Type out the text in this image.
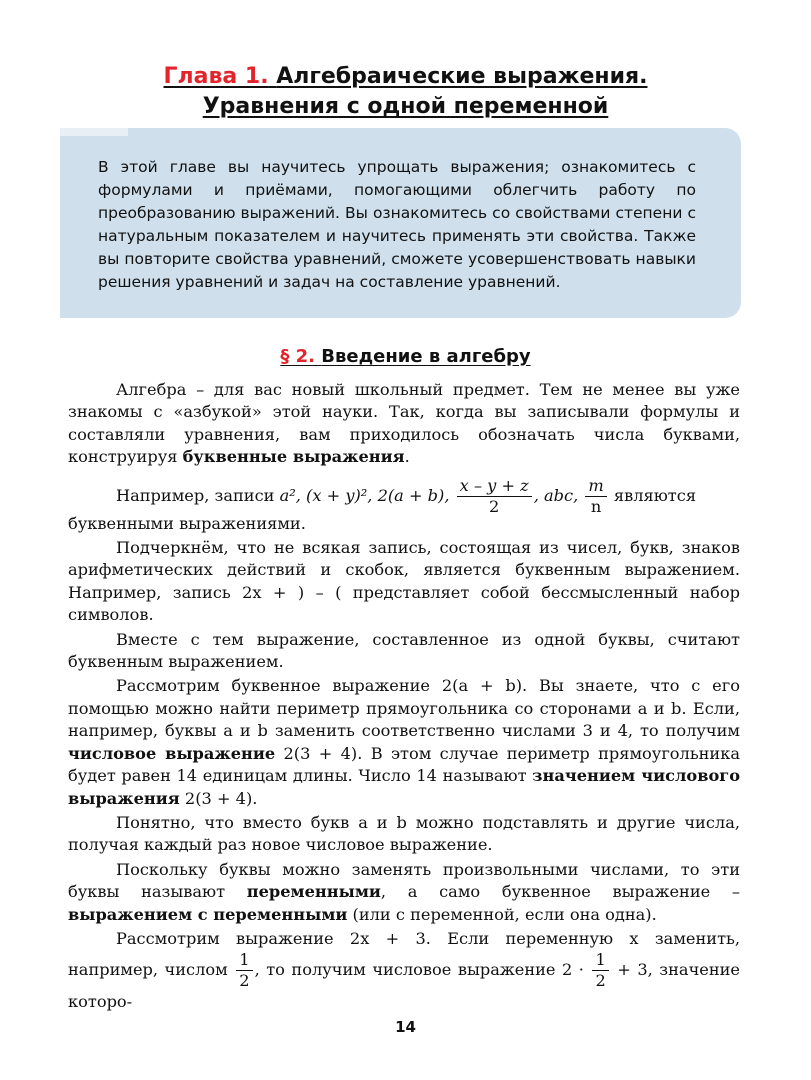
Глава 1. Алгебраические выражения.
Уравнения с одной переменной
В этой главе вы научитесь упрощать выражения; ознакомитесь с формулами и приёмами, помогающими облегчить работу по преобразованию выражений. Вы ознакомитесь со свойствами степени с натуральным показателем и научитесь применять эти свойства. Также вы повторите свойства уравнений, сможете усовершенствовать навыки решения уравнений и задач на составление уравнений.
§ 2. Введение в алгебру

Алгебра – для вас новый школьный предмет. Тем не менее вы уже знакомы с «азбукой» этой науки. Так, когда вы записывали формулы и составляли уравнения, вам приходилось обозначать числа буквами, конструируя буквенные выражения.

Например, записи a², (x + y)², 2(a + b), $\frac{x - y + z}{2}$ , abc, $\frac{m}{n}$ являются

буквенными выражениями.

Подчеркнём, что не всякая запись, состоящая из чисел, букв, знаков арифметических действий и скобок, является буквенным выражением. Например, запись 2x + ) – ( представляет собой бессмысленный набор символов.

Вместе с тем выражение, составленное из одной буквы, считают буквенным выражением.

Рассмотрим буквенное выражение 2(a + b). Вы знаете, что с его помощью можно найти периметр прямоугольника со сторонами a и b. Если, например, буквы a и b заменить соответственно числами 3 и 4, то получим числовое выражение 2(3 + 4). В этом случае периметр прямоугольника будет равен 14 единицам длины. Число 14 называют значением числового выражения 2(3 + 4).

Понятно, что вместо букв a и b можно подставлять и другие числа, получая каждый раз новое числовое выражение.

Поскольку буквы можно заменять произвольными числами, то эти буквы называют переменными, а само буквенное выражение – выражением с переменными (или с переменной, если она одна).

Рассмотрим выражение 2x + 3. Если переменную x заменить, например, числом $\frac{1}{2}$ , то получим числовое выражение $2 \cdot \frac{1}{2} + 3$, значение которо-

14
